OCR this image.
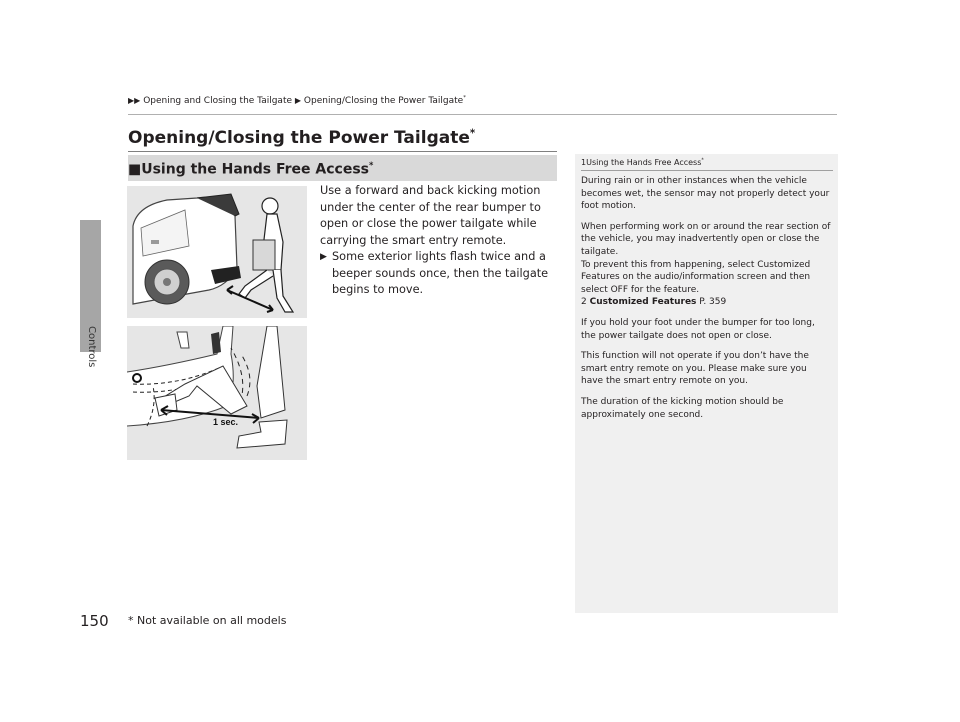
Controls
150
▶▶ Opening and Closing the Tailgate ▶ Opening/Closing the Power Tailgate*
Opening/Closing the Power Tailgate*
■Using the Hands Free Access*
1 sec.

Use a forward and back kicking motion under the center of the rear bumper to open or close the power tailgate while carrying the smart entry remote.

▶ Some exterior lights flash twice and a beeper sounds once, then the tailgate begins to move.

1Using the Hands Free Access*

During rain or in other instances when the vehicle becomes wet, the sensor may not properly detect your foot motion.

When performing work on or around the rear section of the vehicle, you may inadvertently open or close the tailgate.

To prevent this from happening, select Customized Features on the audio/information screen and then select OFF for the feature.

2 Customized Features P. 359

If you hold your foot under the bumper for too long, the power tailgate does not open or close.

This function will not operate if you don’t have the smart entry remote on you. Please make sure you have the smart entry remote on you.

The duration of the kicking motion should be approximately one second.

* Not available on all models
